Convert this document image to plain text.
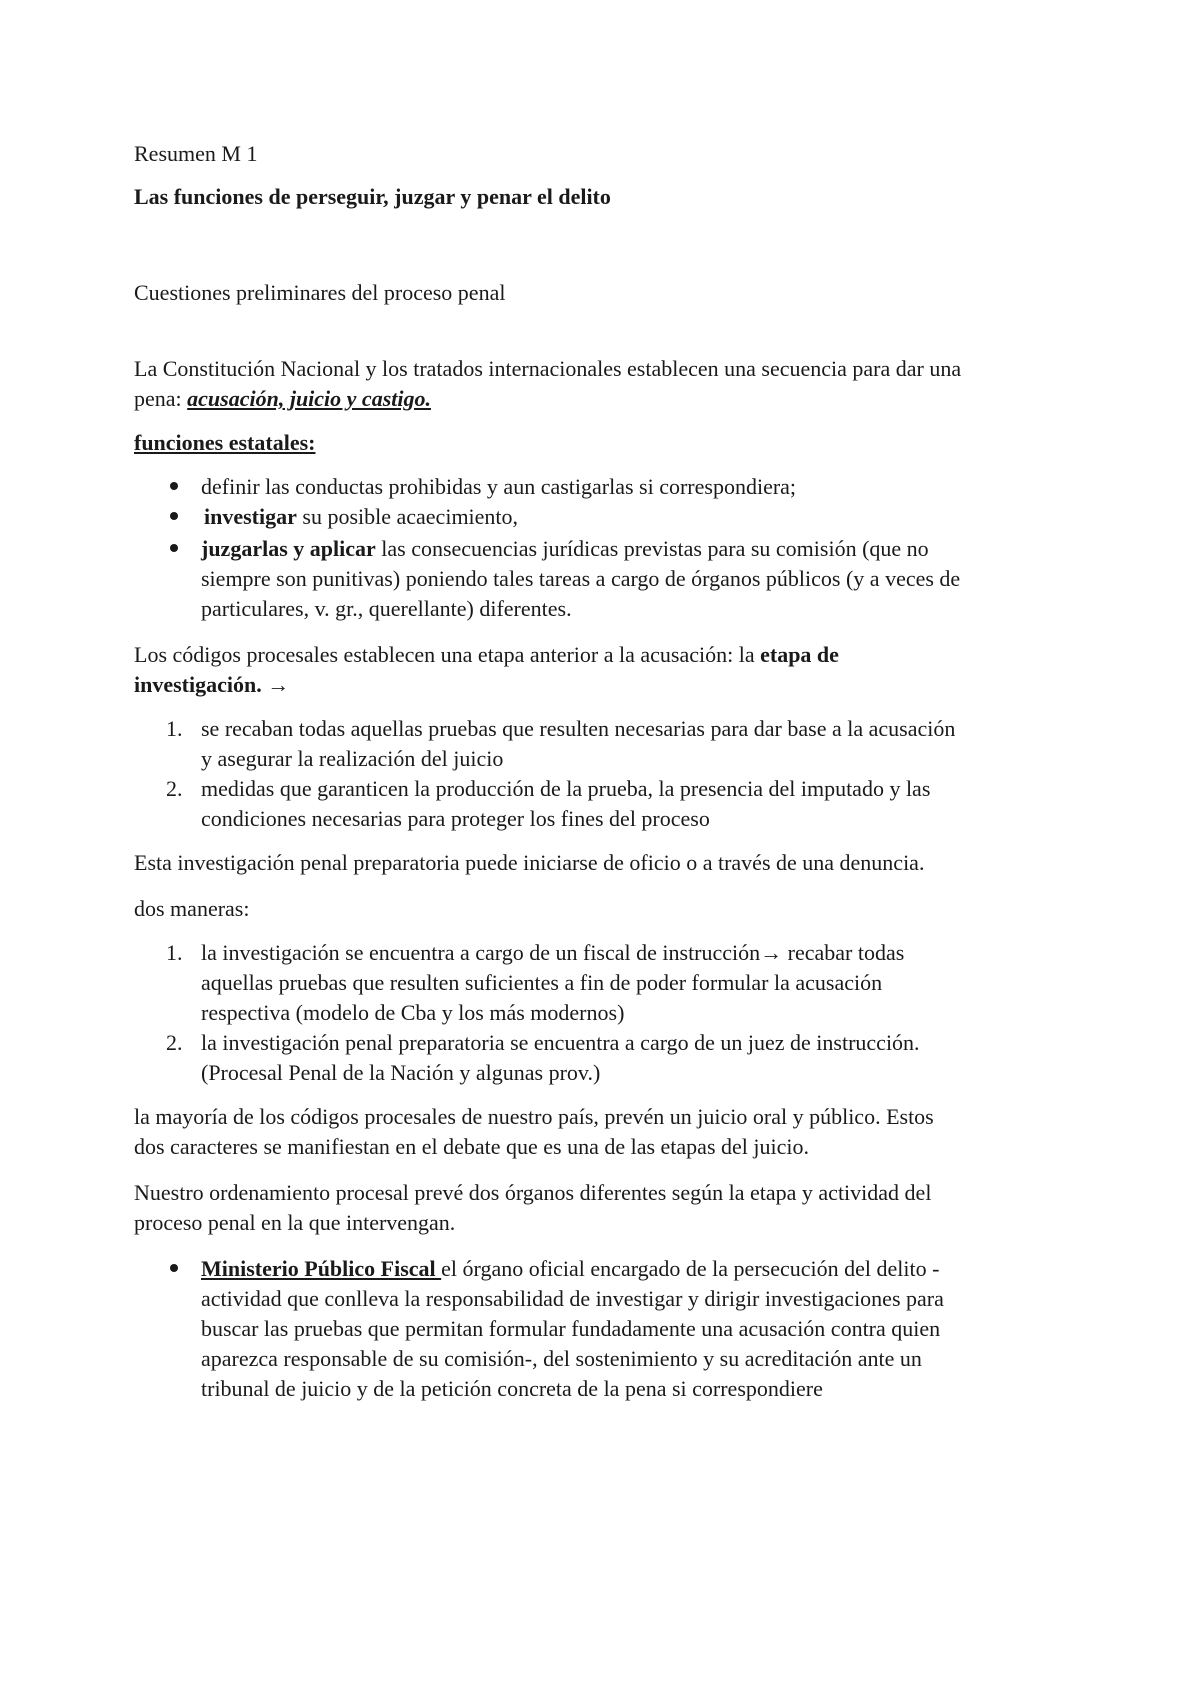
Resumen M 1
Las funciones de perseguir, juzgar y penar el delito
Cuestiones preliminares del proceso penal
La Constitución Nacional y los tratados internacionales establecen una secuencia para dar una
pena: acusación, juicio y castigo.
funciones estatales:
definir las conductas prohibidas y aun castigarlas si correspondiera;
investigar su posible acaecimiento,
juzgarlas y aplicar las consecuencias jurídicas previstas para su comisión (que no
siempre son punitivas) poniendo tales tareas a cargo de órganos públicos (y a veces de
particulares, v. gr., querellante) diferentes.
Los códigos procesales establecen una etapa anterior a la acusación: la etapa de
investigación. →
1. se recaban todas aquellas pruebas que resulten necesarias para dar base a la acusación
y asegurar la realización del juicio
2. medidas que garanticen la producción de la prueba, la presencia del imputado y las
condiciones necesarias para proteger los fines del proceso
Esta investigación penal preparatoria puede iniciarse de oficio o a través de una denuncia.
dos maneras:
1. la investigación se encuentra a cargo de un fiscal de instrucción→ recabar todas
aquellas pruebas que resulten suficientes a fin de poder formular la acusación
respectiva (modelo de Cba y los más modernos)
2. la investigación penal preparatoria se encuentra a cargo de un juez de instrucción.
(Procesal Penal de la Nación y algunas prov.)
la mayoría de los códigos procesales de nuestro país, prevén un juicio oral y público. Estos
dos caracteres se manifiestan en el debate que es una de las etapas del juicio.
Nuestro ordenamiento procesal prevé dos órganos diferentes según la etapa y actividad del
proceso penal en la que intervengan.
Ministerio Público Fiscal el órgano oficial encargado de la persecución del delito -
actividad que conlleva la responsabilidad de investigar y dirigir investigaciones para
buscar las pruebas que permitan formular fundadamente una acusación contra quien
aparezca responsable de su comisión-, del sostenimiento y su acreditación ante un
tribunal de juicio y de la petición concreta de la pena si correspondiere
